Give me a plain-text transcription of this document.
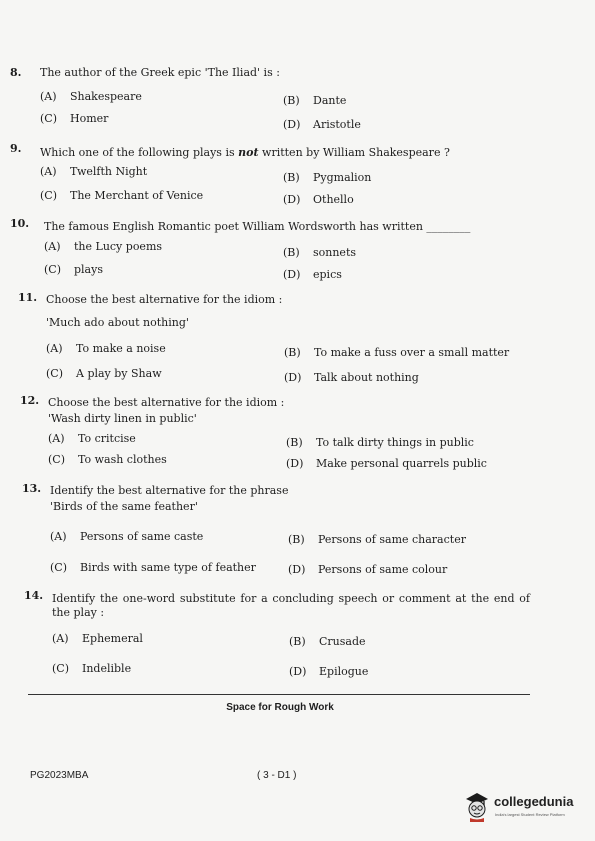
8. The author of the Greek epic 'The Iliad' is :
(A) Shakespeare	(B) Dante
(C) Homer	(D) Aristotle
9. Which one of the following plays is not written by William Shakespeare ?
(A) Twelfth Night	(B) Pygmalion
(C) The Merchant of Venice	(D) Othello
10. The famous English Romantic poet William Wordsworth has written ________
(A) the Lucy poems	(B) sonnets
(C) plays	(D) epics
11. Choose the best alternative for the idiom :
'Much ado about nothing'
(A) To make a noise	(B) To make a fuss over a small matter
(C) A play by Shaw	(D) Talk about nothing
12. Choose the best alternative for the idiom :
'Wash dirty linen in public'
(A) To critcise	(B) To talk dirty things in public
(C) To wash clothes	(D) Make personal quarrels public
13. Identify the best alternative for the phrase
'Birds of the same feather'
(A) Persons of same caste	(B) Persons of same character
(C) Birds with same type of feather	(D) Persons of same colour
14. Identify the one-word substitute for a concluding speech or comment at the end of the play :
(A) Ephemeral	(B) Crusade
(C) Indelible	(D) Epilogue
Space for Rough Work
PG2023MBA	( 3 - D1 )
collegedunia
India's largest Student Review Platform
